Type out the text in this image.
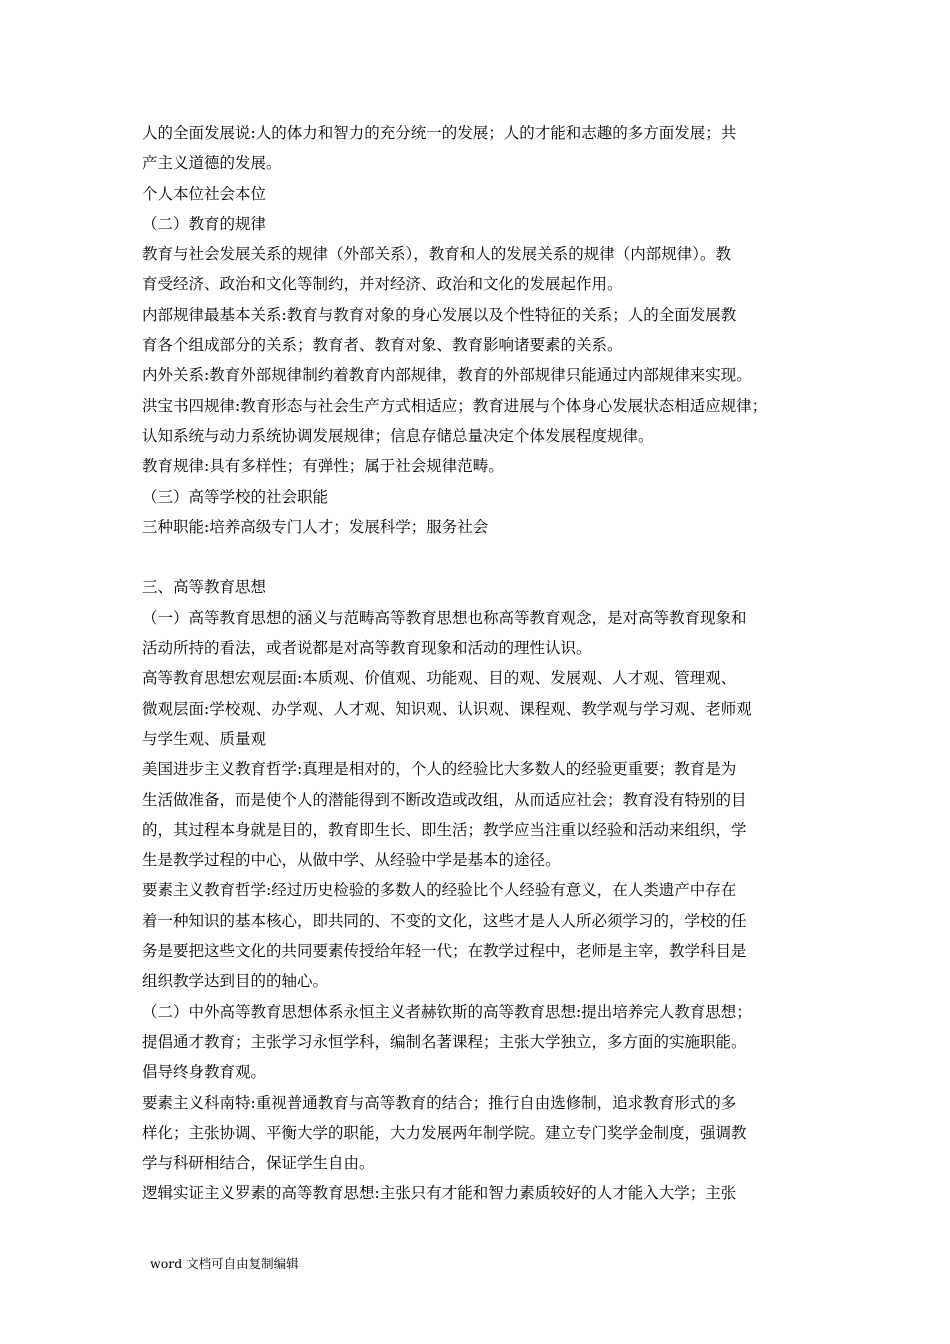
人的全面发展说:人的体力和智力的充分统一的发展；人的才能和志趣的多方面发展；共
产主义道德的发展。
个人本位社会本位
（二）教育的规律
教育与社会发展关系的规律（外部关系），教育和人的发展关系的规律（内部规律）。教
育受经济、政治和文化等制约，并对经济、政治和文化的发展起作用。
内部规律最基本关系:教育与教育对象的身心发展以及个性特征的关系；人的全面发展教
育各个组成部分的关系；教育者、教育对象、教育影响诸要素的关系。
内外关系:教育外部规律制约着教育内部规律，教育的外部规律只能通过内部规律来实现。
洪宝书四规律:教育形态与社会生产方式相适应；教育进展与个体身心发展状态相适应规律；
认知系统与动力系统协调发展规律；信息存储总量决定个体发展程度规律。
教育规律:具有多样性；有弹性；属于社会规律范畴。
（三）高等学校的社会职能
三种职能:培养高级专门人才；发展科学；服务社会
三、高等教育思想
（一）高等教育思想的涵义与范畴高等教育思想也称高等教育观念，是对高等教育现象和
活动所持的看法，或者说都是对高等教育现象和活动的理性认识。
高等教育思想宏观层面:本质观、价值观、功能观、目的观、发展观、人才观、管理观、
微观层面:学校观、办学观、人才观、知识观、认识观、课程观、教学观与学习观、老师观
与学生观、质量观
美国进步主义教育哲学:真理是相对的，个人的经验比大多数人的经验更重要；教育是为
生活做准备，而是使个人的潜能得到不断改造或改组，从而适应社会；教育没有特别的目
的，其过程本身就是目的，教育即生长、即生活；教学应当注重以经验和活动来组织，学
生是教学过程的中心，从做中学、从经验中学是基本的途径。
要素主义教育哲学:经过历史检验的多数人的经验比个人经验有意义，在人类遗产中存在
着一种知识的基本核心，即共同的、不变的文化，这些才是人人所必须学习的，学校的任
务是要把这些文化的共同要素传授给年轻一代；在教学过程中，老师是主宰，教学科目是
组织教学达到目的的轴心。
（二）中外高等教育思想体系永恒主义者赫钦斯的高等教育思想:提出培养完人教育思想；
提倡通才教育；主张学习永恒学科，编制名著课程；主张大学独立，多方面的实施职能。
倡导终身教育观。
要素主义科南特:重视普通教育与高等教育的结合；推行自由选修制，追求教育形式的多
样化；主张协调、平衡大学的职能，大力发展两年制学院。建立专门奖学金制度，强调教
学与科研相结合，保证学生自由。
逻辑实证主义罗素的高等教育思想:主张只有才能和智力素质较好的人才能入大学；主张
word 文档可自由复制编辑
